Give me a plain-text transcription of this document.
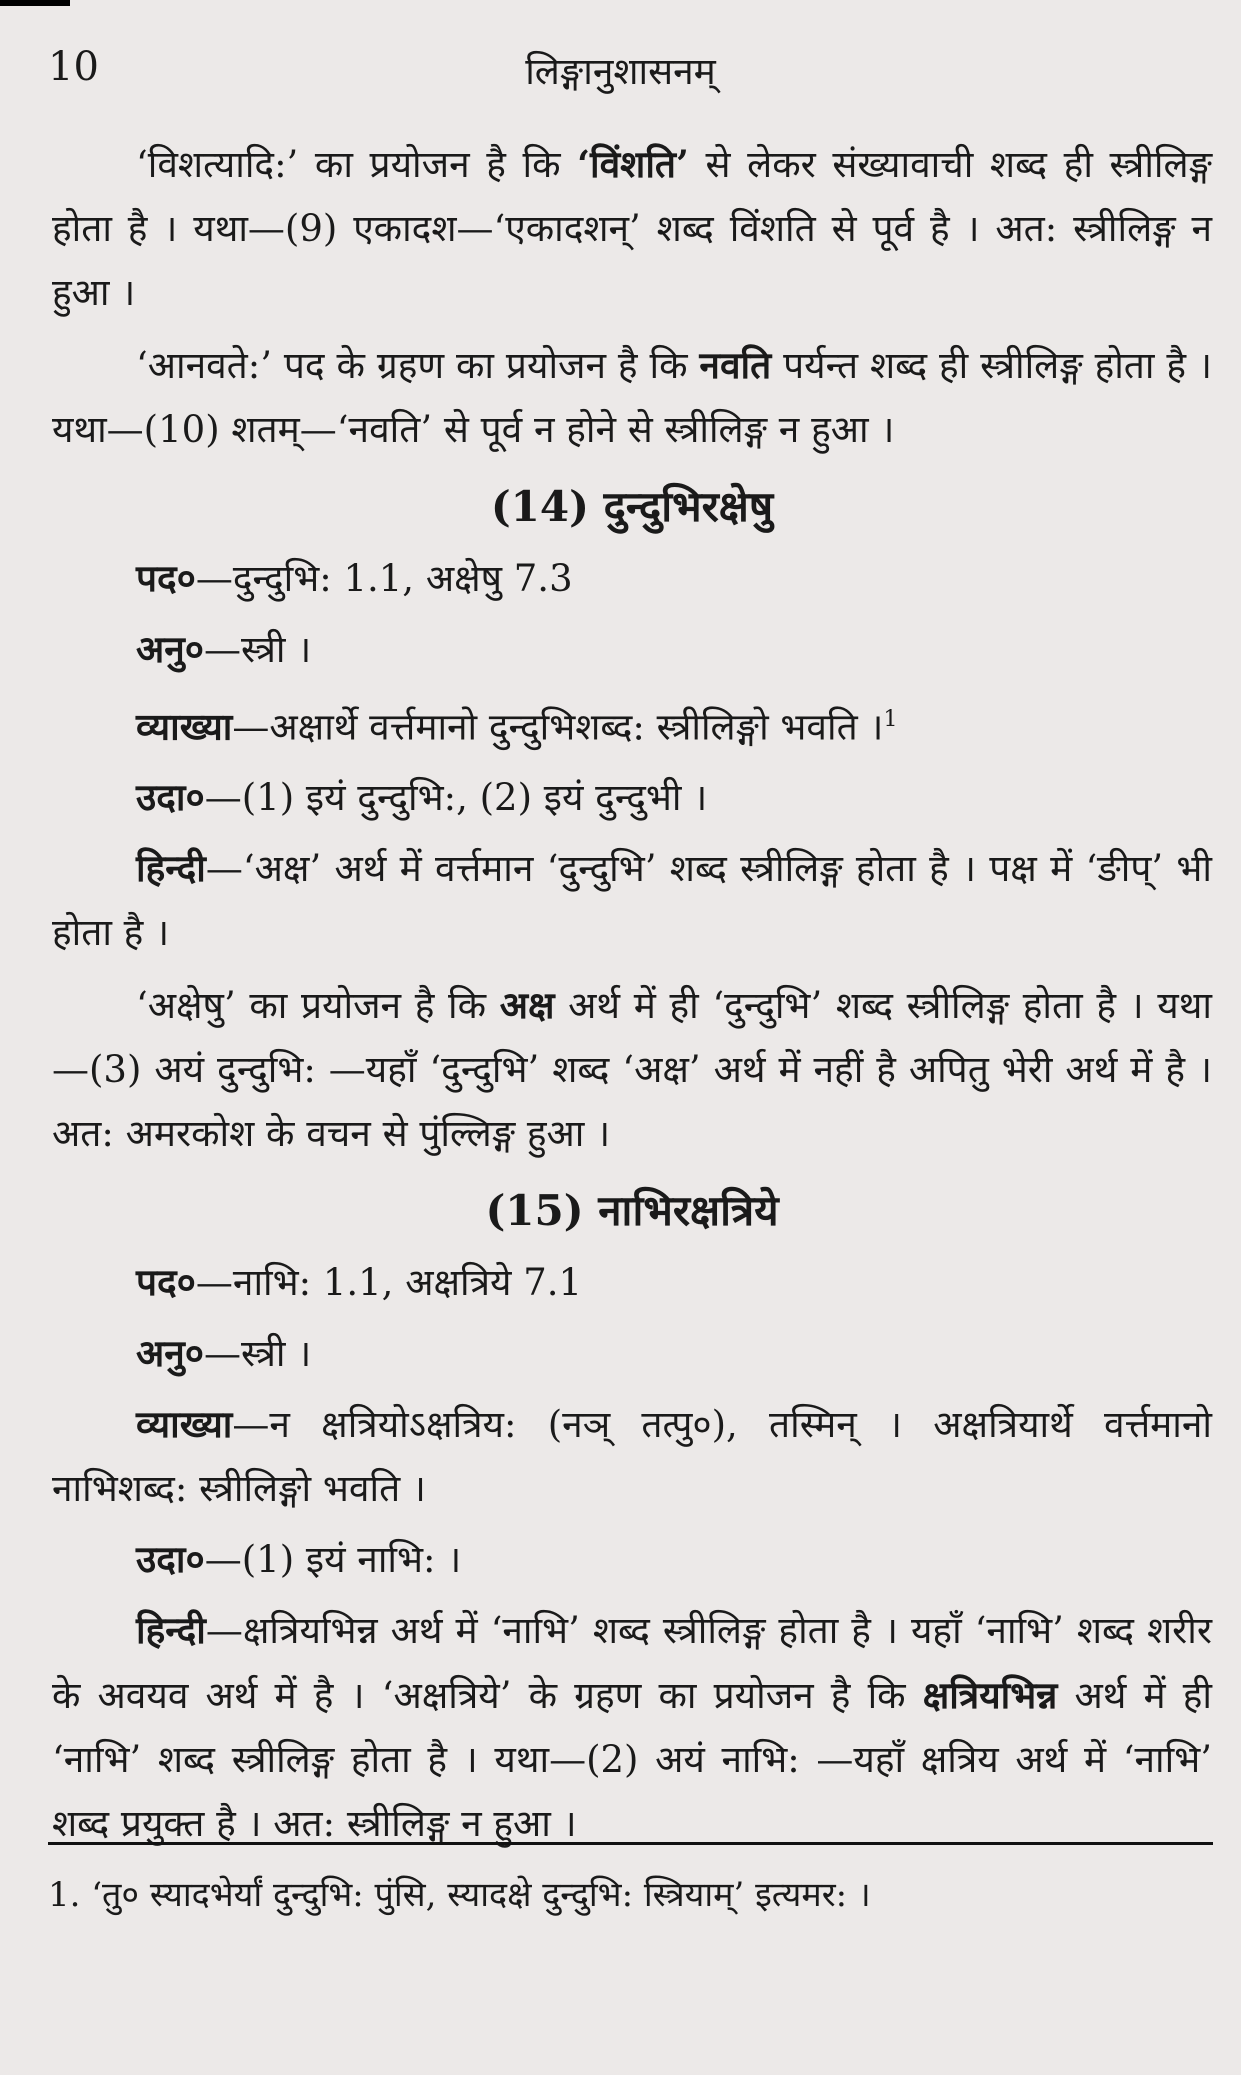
10	लिङ्गानुशासनम्

‘विशत्यादि:’ का प्रयोजन है कि ‘विंशति’ से लेकर संख्यावाची शब्द ही स्त्रीलिङ्ग होता है । यथा—(9) एकादश—‘एकादशन्’ शब्द विंशति से पूर्व है । अत: स्त्रीलिङ्ग न हुआ ।

‘आनवते:’ पद के ग्रहण का प्रयोजन है कि नवति पर्यन्त शब्द ही स्त्रीलिङ्ग होता है । यथा—(10) शतम्—‘नवति’ से पूर्व न होने से स्त्रीलिङ्ग न हुआ ।

(14) दुन्दुभिरक्षेषु

पद०—दुन्दुभि: 1.1, अक्षेषु 7.3

अनु०—स्त्री ।

व्याख्या—अक्षार्थे वर्त्तमानो दुन्दुभिशब्द: स्त्रीलिङ्गो भवति ।$^1$

उदा०—(1) इयं दुन्दुभि:, (2) इयं दुन्दुभी ।

हिन्दी—‘अक्ष’ अर्थ में वर्त्तमान ‘दुन्दुभि’ शब्द स्त्रीलिङ्ग होता है । पक्ष में ‘ङीप्’ भी होता है ।

‘अक्षेषु’ का प्रयोजन है कि अक्ष अर्थ में ही ‘दुन्दुभि’ शब्द स्त्रीलिङ्ग होता है । यथा—(3) अयं दुन्दुभि: —यहाँ ‘दुन्दुभि’ शब्द ‘अक्ष’ अर्थ में नहीं है अपितु भेरी अर्थ में है । अत: अमरकोश के वचन से पुंल्लिङ्ग हुआ ।

(15) नाभिरक्षत्रिये

पद०—नाभि: 1.1, अक्षत्रिये 7.1

अनु०—स्त्री ।

व्याख्या—न क्षत्रियोऽक्षत्रिय: (नञ् तत्पु०), तस्मिन् । अक्षत्रियार्थे वर्त्तमानो नाभिशब्द: स्त्रीलिङ्गो भवति ।

उदा०—(1) इयं नाभि: ।

हिन्दी—क्षत्रियभिन्न अर्थ में ‘नाभि’ शब्द स्त्रीलिङ्ग होता है । यहाँ ‘नाभि’ शब्द शरीर के अवयव अर्थ में है । ‘अक्षत्रिये’ के ग्रहण का प्रयोजन है कि क्षत्रियभिन्न अर्थ में ही ‘नाभि’ शब्द स्त्रीलिङ्ग होता है । यथा—(2) अयं नाभि: —यहाँ क्षत्रिय अर्थ में ‘नाभि’ शब्द प्रयुक्त है । अत: स्त्रीलिङ्ग न हुआ ।

1. ‘तु० स्यादभेर्यां दुन्दुभि: पुंसि, स्यादक्षे दुन्दुभि: स्त्रियाम्’ इत्यमर: ।
